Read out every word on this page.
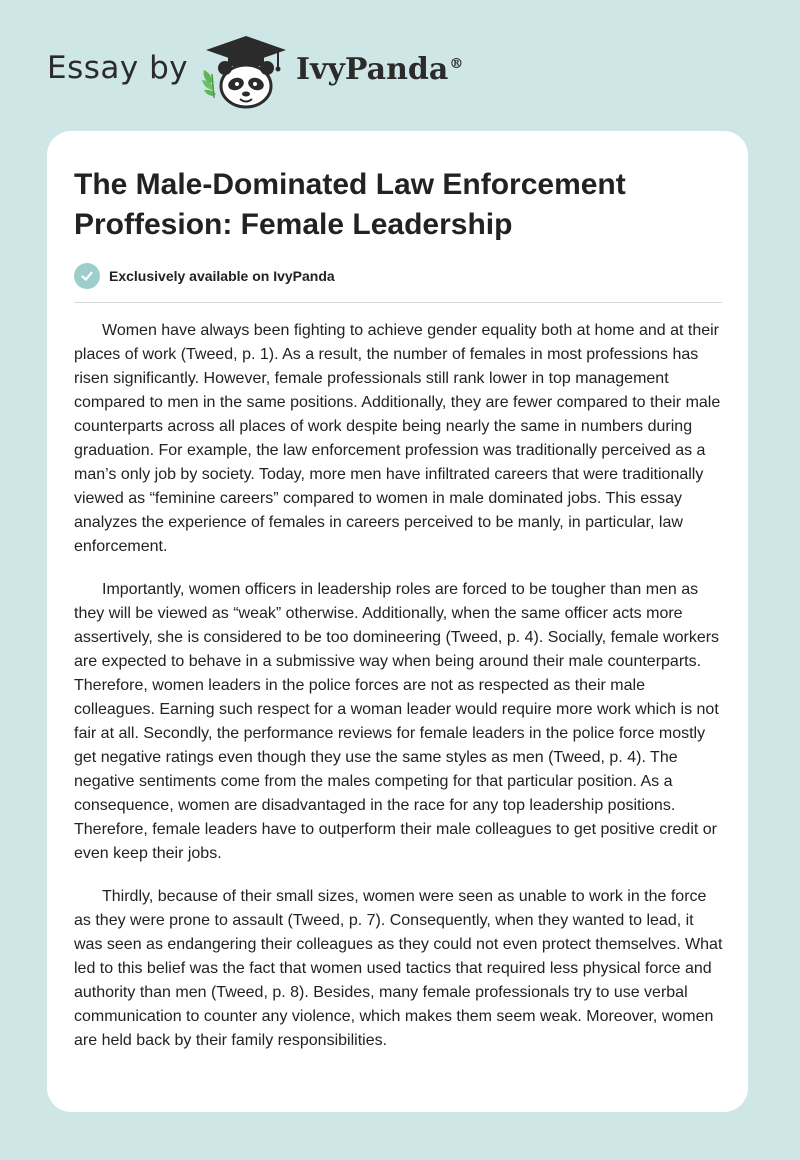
Essay by	IvyPanda®
The Male-Dominated Law Enforcement Proffesion: Female Leadership
Exclusively available on IvyPanda

Women have always been fighting to achieve gender equality both at home and at their places of work (Tweed, p. 1). As a result, the number of females in most professions has risen significantly. However, female professionals still rank lower in top management compared to men in the same positions. Additionally, they are fewer compared to their male counterparts across all places of work despite being nearly the same in numbers during graduation. For example, the law enforcement profession was traditionally perceived as a man’s only job by society. Today, more men have infiltrated careers that were traditionally viewed as “feminine careers” compared to women in male dominated jobs. This essay analyzes the experience of females in careers perceived to be manly, in particular, law enforcement.

Importantly, women officers in leadership roles are forced to be tougher than men as they will be viewed as “weak” otherwise. Additionally, when the same officer acts more assertively, she is considered to be too domineering (Tweed, p. 4). Socially, female workers are expected to behave in a submissive way when being around their male counterparts. Therefore, women leaders in the police forces are not as respected as their male colleagues. Earning such respect for a woman leader would require more work which is not fair at all. Secondly, the performance reviews for female leaders in the police force mostly get negative ratings even though they use the same styles as men (Tweed, p. 4). The negative sentiments come from the males competing for that particular position. As a consequence, women are disadvantaged in the race for any top leadership positions. Therefore, female leaders have to outperform their male colleagues to get positive credit or even keep their jobs.

Thirdly, because of their small sizes, women were seen as unable to work in the force as they were prone to assault (Tweed, p. 7). Consequently, when they wanted to lead, it was seen as endangering their colleagues as they could not even protect themselves. What led to this belief was the fact that women used tactics that required less physical force and authority than men (Tweed, p. 8). Besides, many female professionals try to use verbal communication to counter any violence, which makes them seem weak. Moreover, women are held back by their family responsibilities.
